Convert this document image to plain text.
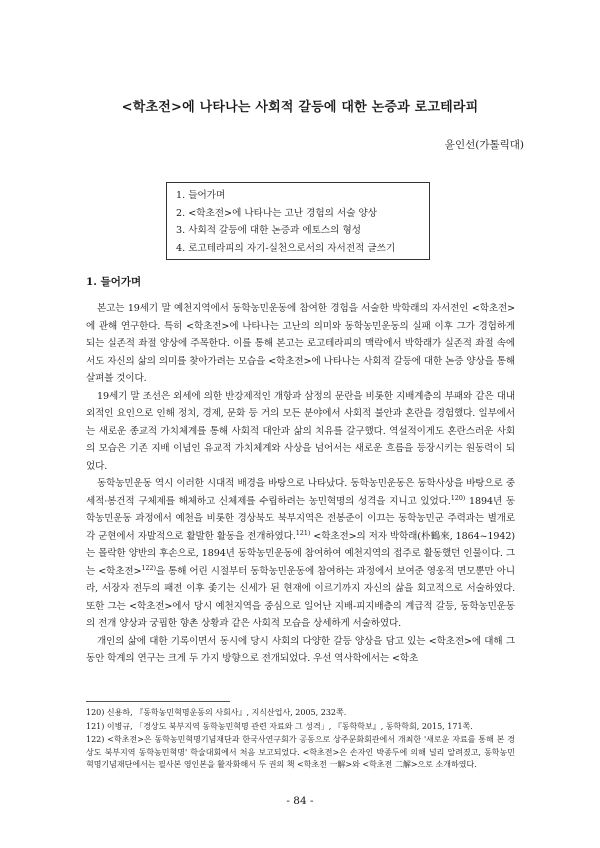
<학초전>에 나타나는 사회적 갈등에 대한 논증과 로고테라피
윤인선(가톨릭대)
1. 들어가며
2. <학초전>에 나타나는 고난 경험의 서술 양상
3. 사회적 갈등에 대한 논증과 에토스의 형성
4. 로고테라피의 자기-실천으로서의 자서전적 글쓰기
1. 들어가며

본고는 19세기 말 예천지역에서 동학농민운동에 참여한 경험을 서술한 박학래의 자서전인 <학초전>에 관해 연구한다. 특히 <학초전>에 나타나는 고난의 의미와 동학농민운동의 실패 이후 그가 경험하게 되는 실존적 좌절 양상에 주목한다. 이를 통해 본고는 로고테라피의 맥락에서 박학래가 실존적 좌절 속에서도 자신의 삶의 의미를 찾아가려는 모습을 <학초전>에 나타나는 사회적 갈등에 대한 논증 양상을 통해 살펴볼 것이다.

19세기 말 조선은 외세에 의한 반강제적인 개항과 삼정의 문란을 비롯한 지배계층의 부패와 같은 대내외적인 요인으로 인해 정치, 경제, 문화 등 거의 모든 분야에서 사회적 불안과 혼란을 경험했다. 일부에서는 새로운 종교적 가치체계를 통해 사회적 대안과 삶의 치유를 갈구했다. 역설적이게도 혼란스러운 사회의 모습은 기존 지배 이념인 유교적 가치체계와 사상을 넘어서는 새로운 흐름을 등장시키는 원동력이 되었다.

동학농민운동 역시 이러한 시대적 배경을 바탕으로 나타났다. 동학농민운동은 동학사상을 바탕으로 중세적·봉건적 구체제를 해체하고 신체제를 수립하려는 농민혁명의 성격을 지니고 있었다.$^{120)}$ 1894년 동학농민운동 과정에서 예천을 비롯한 경상북도 북부지역은 전봉준이 이끄는 동학농민군 주력과는 별개로 각 군현에서 자발적으로 활발한 활동을 전개하였다.$^{121)}$ <학초전>의 저자 박학래(朴鶴來, 1864~1942)는 몰락한 양반의 후손으로, 1894년 동학농민운동에 참여하여 예천지역의 접주로 활동했던 인물이다. 그는 <학초전>$^{122)}$을 통해 어린 시절부터 동학농민운동에 참여하는 과정에서 보여준 영웅적 면모뿐만 아니라, 서장자 전두의 패전 이후 좇기는 신세가 된 현재에 이르기까지 자신의 삶을 회고적으로 서술하였다. 또한 그는 <학초전>에서 당시 예천지역을 중심으로 일어난 지배-피지배층의 계급적 갈등, 동학농민운동의 전개 양상과 궁핍한 향촌 상황과 같은 사회적 모습을 상세하게 서술하였다.

개인의 삶에 대한 기록이면서 동시에 당시 사회의 다양한 갈등 양상을 담고 있는 <학초전>에 대해 그동안 학계의 연구는 크게 두 가지 방향으로 전개되었다. 우선 역사학에서는 <학초

120) 신용하, 『동학농민혁명운동의 사회사』, 지식산업사, 2005, 232쪽.

121) 이병규, 「경상도 북부지역 동학농민혁명 관련 자료와 그 성격」, 『동학학보』, 동학학회, 2015, 171쪽.

122) <학초전>은 동학농민혁명기념재단과 한국사연구회가 공동으로 상주문화회관에서 개최한 '새로운 자료를 통해 본 경상도 북부지역 동학농민혁명' 학술대회에서 처음 보고되었다. <학초전>은 손자인 박종두에 의해 널리 알려졌고, 동학농민혁명기념재단에서는 필사본 영인본을 활자화해서 두 권의 책 <학초전 一解>와 <학초전 二解>으로 소개하였다.

- 84 -
